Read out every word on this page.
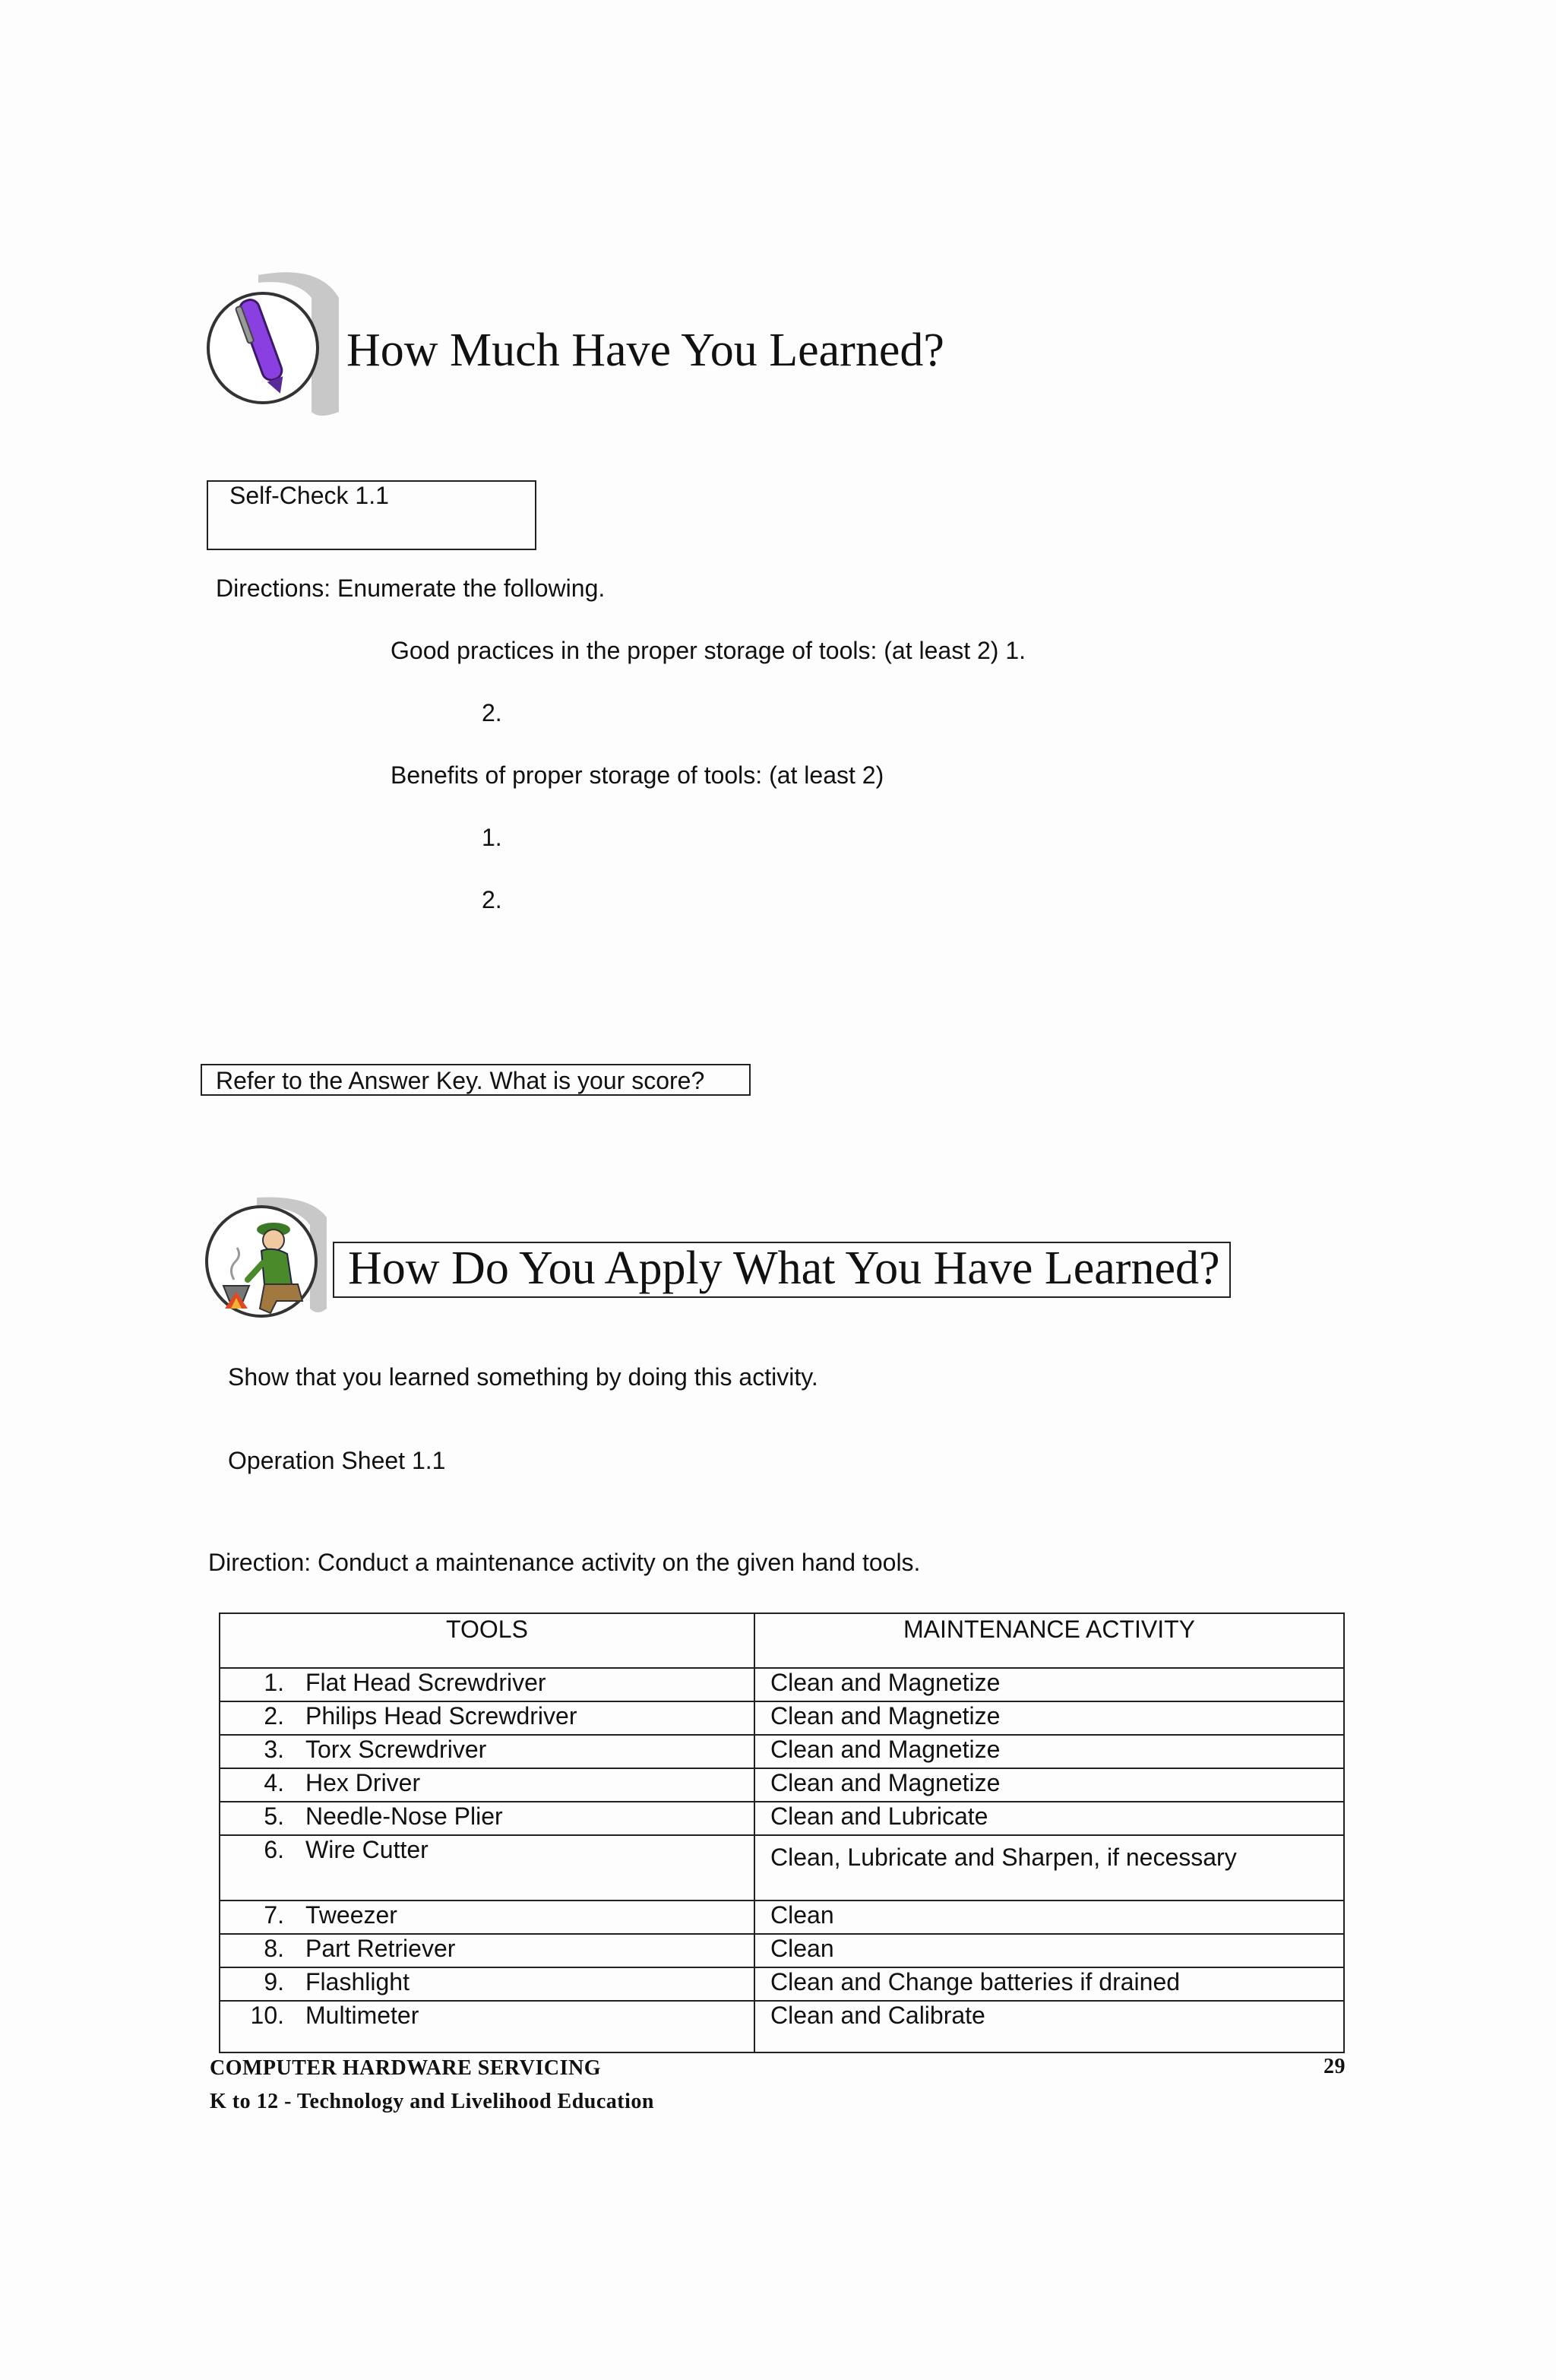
How Much Have You Learned?
Self-Check 1.1
Directions: Enumerate the following.
Good practices in the proper storage of tools: (at least 2) 1.
2.
Benefits of proper storage of tools: (at least 2)
1.
2.
Refer to the Answer Key. What is your score?
How Do You Apply What You Have Learned?
Show that you learned something by doing this activity.
Operation Sheet 1.1
Direction: Conduct a maintenance activity on the given hand tools.
TOOLS	MAINTENANCE ACTIVITY
1. Flat Head Screwdriver	Clean and Magnetize
2. Philips Head Screwdriver	Clean and Magnetize
3. Torx Screwdriver	Clean and Magnetize
4. Hex Driver	Clean and Magnetize
5. Needle-Nose Plier	Clean and Lubricate
6. Wire Cutter	Clean, Lubricate and Sharpen, if necessary
7. Tweezer	Clean
8. Part Retriever	Clean
9. Flashlight	Clean and Change batteries if drained
10. Multimeter	Clean and Calibrate
COMPUTER HARDWARE SERVICING	29
K to 12 - Technology and Livelihood Education
